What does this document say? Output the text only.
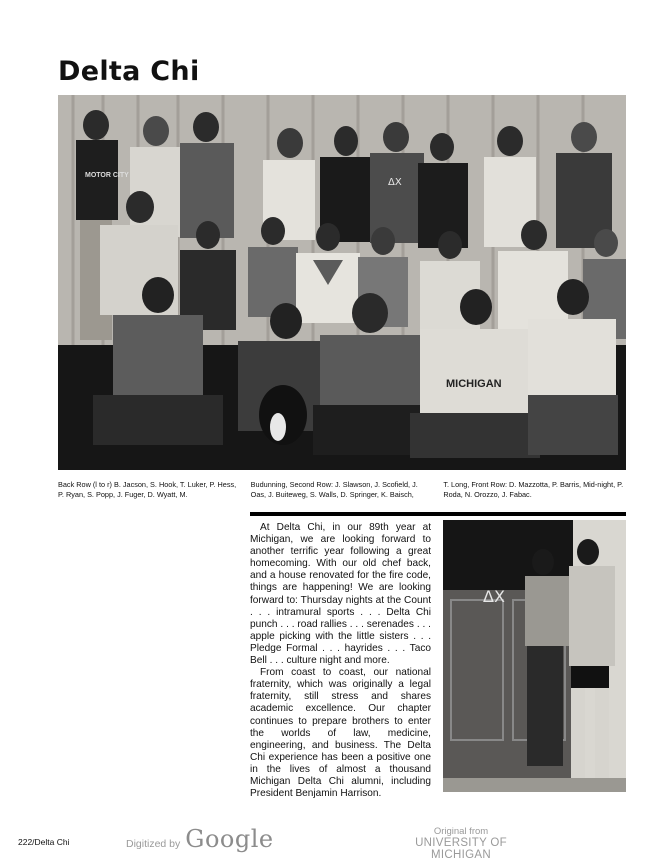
Delta Chi
MOTOR CITY
MICHIGAN
ΔX

Back Row (l to r) B. Jacson, S. Hook, T. Luker, P. Hess, P. Ryan, S. Popp, J. Fuger, D. Wyatt, M.

Budunning, Second Row: J. Slawson, J. Scofield, J. Oas, J. Buiteweg, S. Walls, D. Springer, K. Baisch,

T. Long, Front Row: D. Mazzotta, P. Barris, Mid-night, P. Roda, N. Orozzo, J. Fabac.

At Delta Chi, in our 89th year at Michigan, we are looking forward to another terrific year following a great homecoming. With our old chef back, and a house renovated for the fire code, things are happening! We are looking forward to: Thursday nights at the Count . . . intramural sports . . . Delta Chi punch . . . road rallies . . . serenades . . . apple picking with the little sisters . . . Pledge Formal . . . hayrides . . . Taco Bell . . . culture night and more.

From coast to coast, our national fraternity, which was originally a legal fraternity, still stress and shares academic excellence. Our chapter continues to prepare brothers to enter the worlds of law, medicine, engineering, and business. The Delta Chi experience has been a positive one in the lives of almost a thousand Michigan Delta Chi alumni, including President Benjamin Harrison.

ΔX
222/Delta Chi	Digitized by Google	Original from
UNIVERSITY OF MICHIGAN
